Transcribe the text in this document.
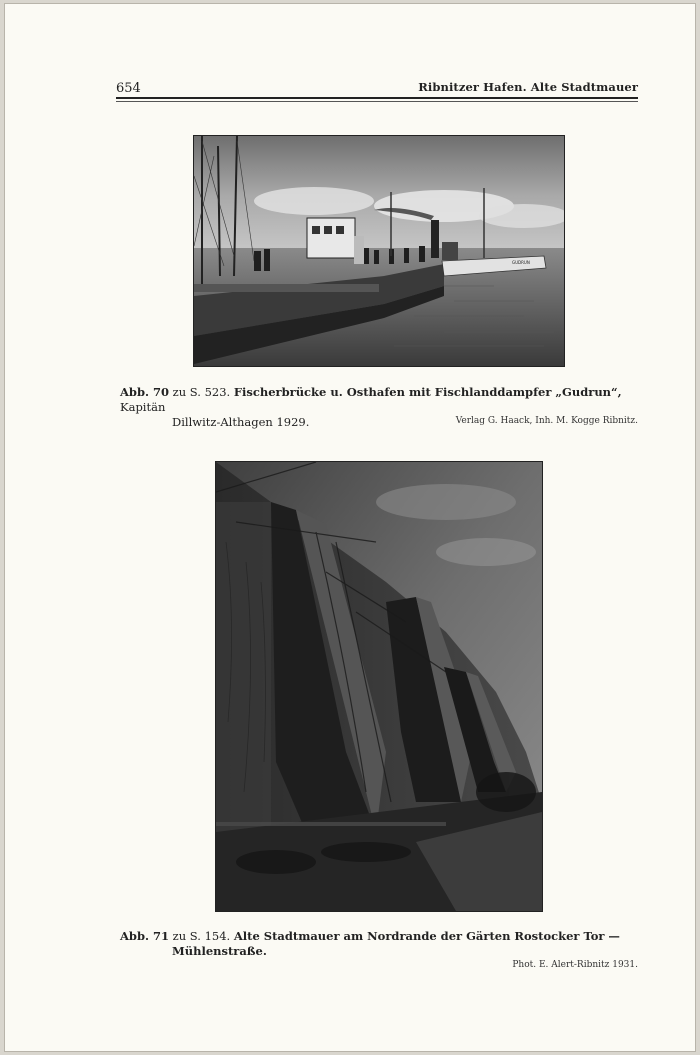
654	Ribnitzer Hafen. Alte Stadtmauer
GUDRUN
Abb. 70 zu S. 523. Fischerbrücke u. Osthafen mit Fischlanddampfer „Gudrun“, Kapitän
Dillwitz-Althagen 1929.	Verlag G. Haack, Inh. M. Kogge Ribnitz.
Abb. 71 zu S. 154. Alte Stadtmauer am Nordrande der Gärten Rostocker Tor —
Mühlenstraße.
Phot. E. Alert-Ribnitz 1931.
